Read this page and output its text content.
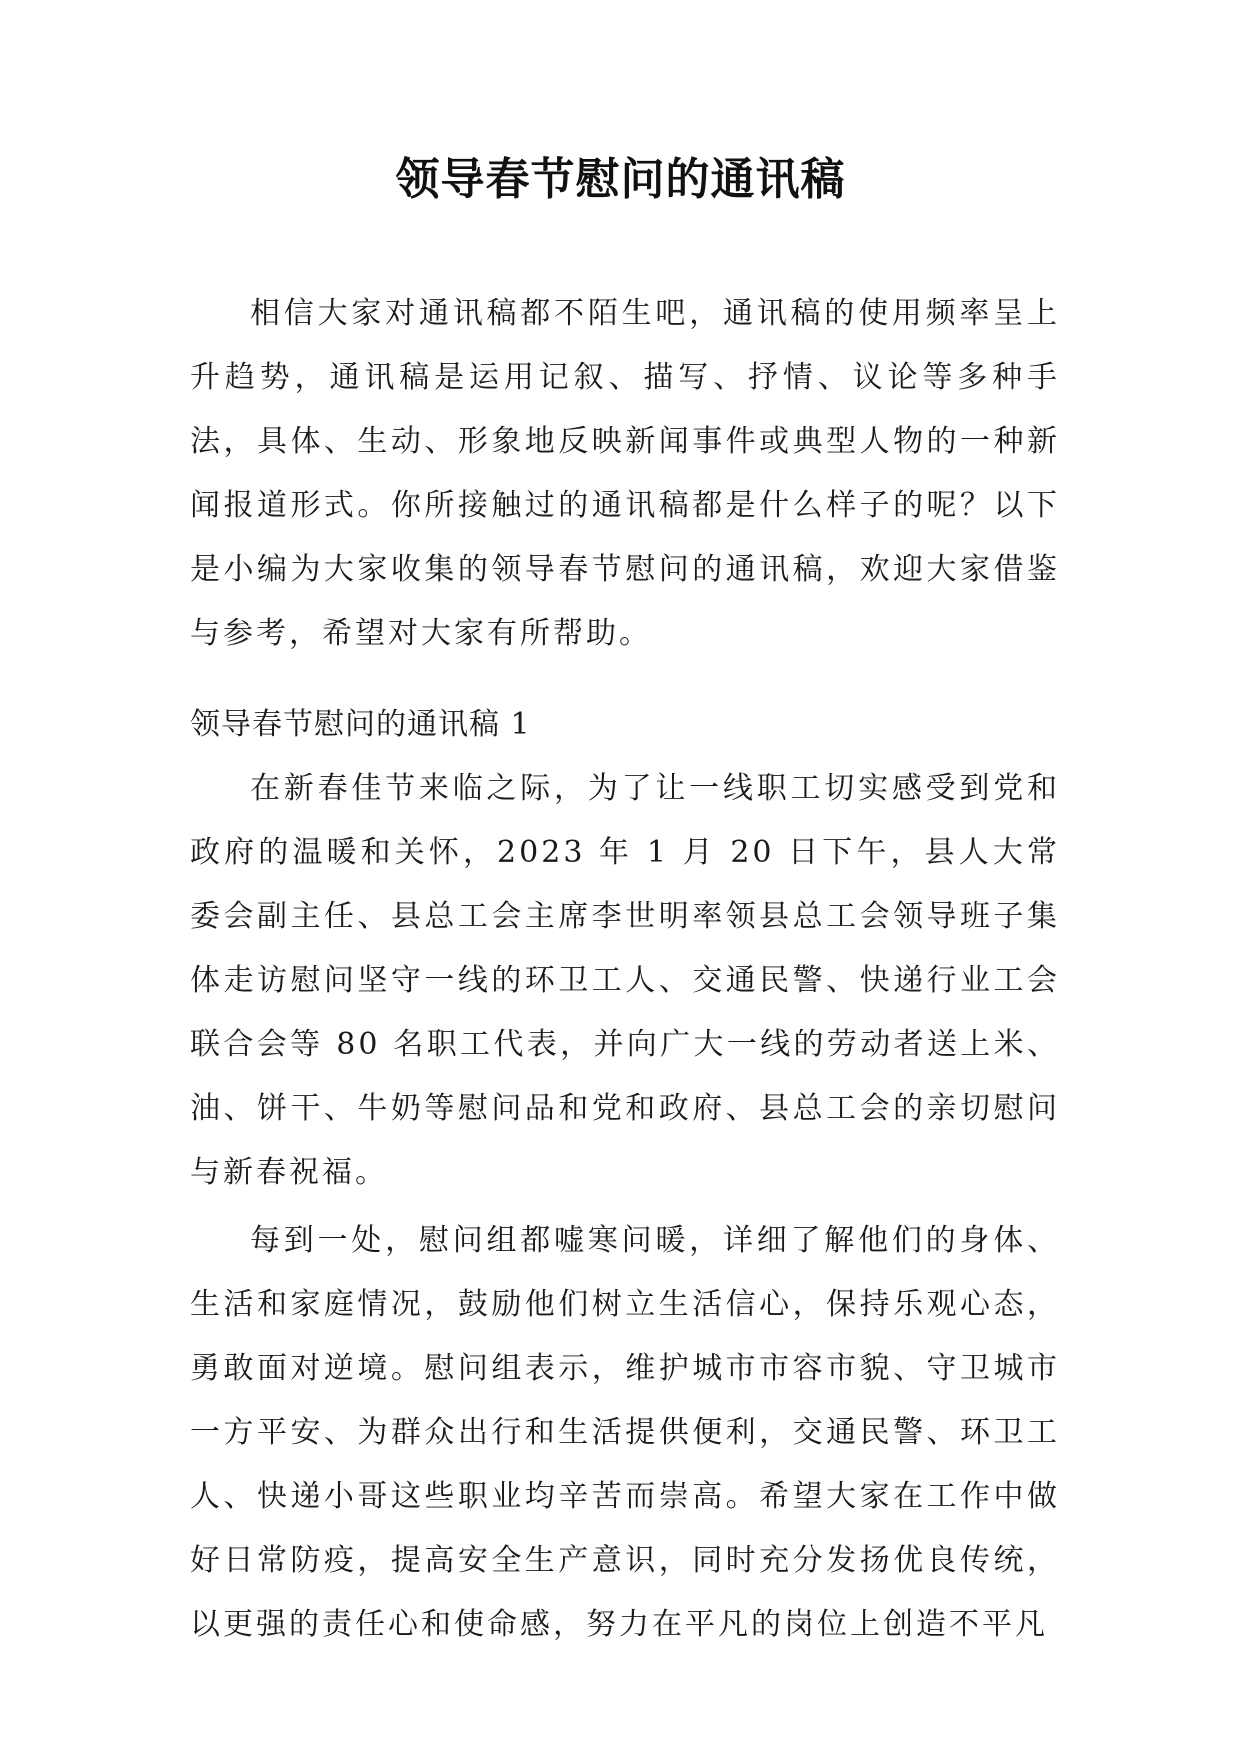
领导春节慰问的通讯稿

相信大家对通讯稿都不陌生吧，通讯稿的使用频率呈上升趋势，通讯稿是运用记叙、描写、抒情、议论等多种手法，具体、生动、形象地反映新闻事件或典型人物的一种新闻报道形式。你所接触过的通讯稿都是什么样子的呢？以下是小编为大家收集的领导春节慰问的通讯稿，欢迎大家借鉴与参考，希望对大家有所帮助。

领导春节慰问的通讯稿 1

在新春佳节来临之际，为了让一线职工切实感受到党和政府的温暖和关怀，2023 年 1 月 20 日下午，县人大常委会副主任、县总工会主席李世明率领县总工会领导班子集体走访慰问坚守一线的环卫工人、交通民警、快递行业工会联合会等 80 名职工代表，并向广大一线的劳动者送上米、油、饼干、牛奶等慰问品和党和政府、县总工会的亲切慰问与新春祝福。

每到一处，慰问组都嘘寒问暖，详细了解他们的身体、生活和家庭情况，鼓励他们树立生活信心，保持乐观心态，勇敢面对逆境。慰问组表示，维护城市市容市貌、守卫城市一方平安、为群众出行和生活提供便利，交通民警、环卫工人、快递小哥这些职业均辛苦而崇高。希望大家在工作中做好日常防疫，提高安全生产意识，同时充分发扬优良传统，以更强的责任心和使命感，努力在平凡的岗位上创造不平凡
